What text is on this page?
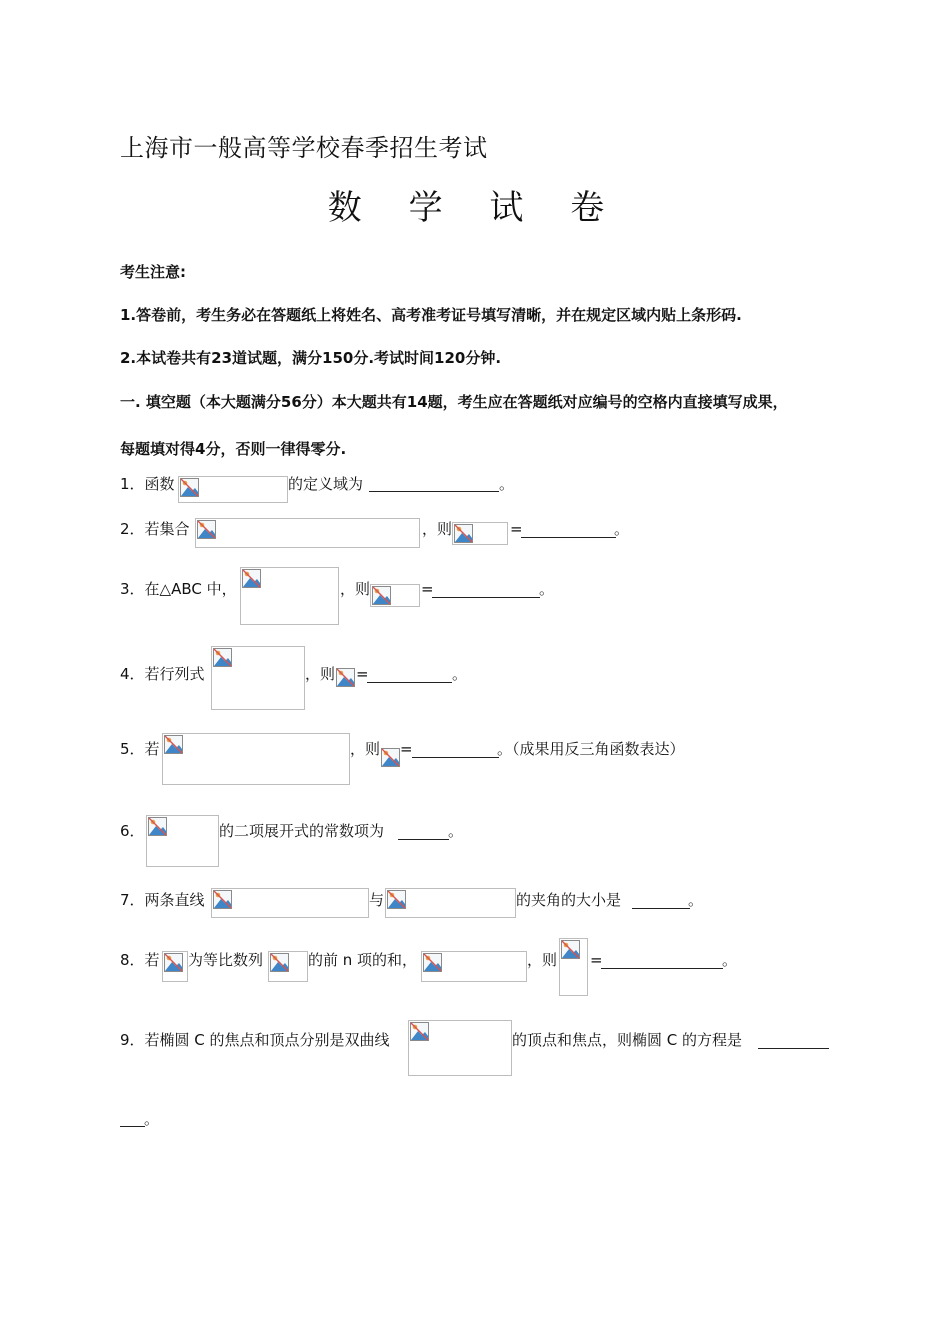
上海市一般高等学校春季招生考试
数 学 试 卷
考生注意:
1.答卷前，考生务必在答题纸上将姓名、高考准考证号填写清晰，并在规定区域内贴上条形码.
2.本试卷共有23道试题，满分150分.考试时间120分钟.
一. 填空题（本大题满分56分）本大题共有14题，考生应在答题纸对应编号的空格内直接填写成果，
每题填对得4分，否则一律得零分.
1．函数	的定义域为	。
2．若集合	，则	=	。
3．在△ABC 中，	，则	=	。
4．若行列式	，则 =	。
5．若	，则 =	。（成果用反三角函数表达）
6．	的二项展开式的常数项为	。
7．两条直线	与	的夹角的大小是	。
8．若 为等比数列	的前 n 项的和，	，则 =	。
9．若椭圆 C 的焦点和顶点分别是双曲线	的顶点和焦点，则椭圆 C 的方程是
。
